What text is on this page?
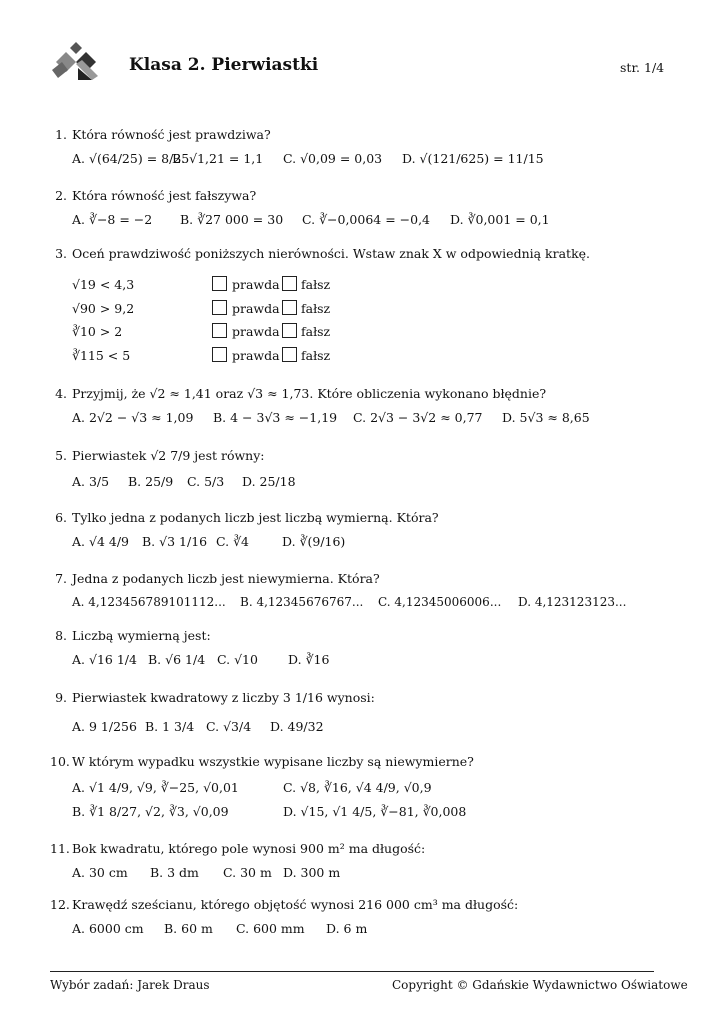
Klasa 2. Pierwiastki	str. 1/4
1. Która równość jest prawdziwa?
A. √(64/25) = 8/25
B. √1,21 = 1,1 C. √0,09 = 0,03 D. √(121/625) = 11/15
2. Która równość jest fałszywa?
A. ∛−8 = −2 B. ∛27 000 = 30 C. ∛−0,0064 = −0,4 D. ∛0,001 = 0,1
3. Oceń prawdziwość poniższych nierówności. Wstaw znak X w odpowiednią kratkę.
√19 < 4,3	prawda fałsz
√90 > 9,2	prawda fałsz
∛10 > 2	prawda fałsz
∛115 < 5	prawda fałsz
4. Przyjmij, że √2 ≈ 1,41 oraz √3 ≈ 1,73. Które obliczenia wykonano błędnie?
A. 2√2 − √3 ≈ 1,09 B. 4 − 3√3 ≈ −1,19 C. 2√3 − 3√2 ≈ 0,77 D. 5√3 ≈ 8,65
5. Pierwiastek √2 7/9 jest równy:
A. 3/5 B. 25/9 C. 5/3 D. 25/18
6. Tylko jedna z podanych liczb jest liczbą wymierną. Która?
A. √4 4/9 B. √3 1/16 C. ∛4	D. ∛(9/16)
7. Jedna z podanych liczb jest niewymierna. Która?
A. 4,123456789101112... B. 4,12345676767... C. 4,12345006006... D. 4,123123123...
8. Liczbą wymierną jest:
A. √16 1/4 B. √6 1/4 C. √10 D. ∛16
9. Pierwiastek kwadratowy z liczby 3 1/16 wynosi:
A. 9 1/256 B. 1 3/4 C. √3/4 D. 49/32
10. W którym wypadku wszystkie wypisane liczby są niewymierne?
A. √1 4/9, √9, ∛−25, √0,01	C. √8, ∛16, √4 4/9, √0,9
B. ∛1 8/27, √2, ∛3, √0,09	D. √15, √1 4/5, ∛−81, ∛0,008
11. Bok kwadratu, którego pole wynosi 900 m² ma długość:
A. 30 cm B. 3 dm C. 30 m D. 300 m
12. Krawędź sześcianu, którego objętość wynosi 216 000 cm³ ma długość:
A. 6000 cm B. 60 m C. 600 mm D. 6 m
Wybór zadań: Jarek Draus	Copyright © Gdańskie Wydawnictwo Oświatowe
